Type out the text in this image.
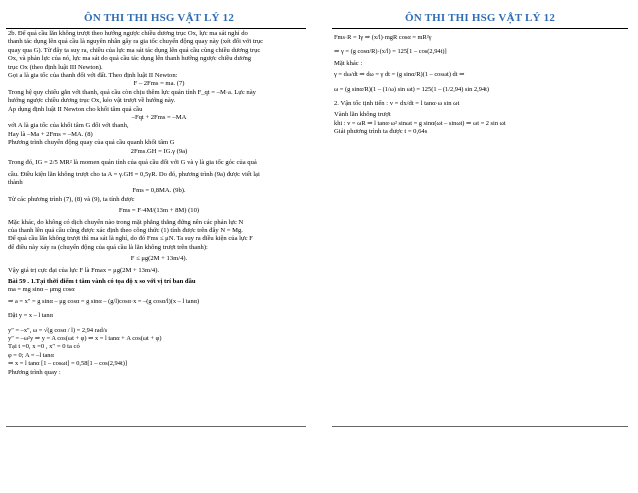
ÔN THI THI HSG VẬT LÝ 12
2b. Để quả cầu lăn không trượt theo hướng ngược chiều dương trục Ox, lực ma sát nghỉ do
thanh tác dụng lên quả cầu là nguyên nhân gây ra gia tốc chuyển động quay này (xét đối với trục
quay qua G). Từ đây ta suy ra, chiều của lực ma sát tác dụng lên quả cầu cùng chiều dương trục
Ox, và phản lực của nó, lực ma sát do quả cầu tác dụng lên thanh hướng ngược chiều dương
trục Ox (theo định luật III Newton).
Gọi a là gia tốc của thanh đối với đất. Theo định luật II Newton:
F – 2Fms = ma. (7)
Trong hệ quy chiếu gắn với thanh, quả cầu còn chịu thêm lực quán tính F_qt = –M·a. Lực này
hướng ngược chiều dương trục Ox, kéo vật trượt về hướng này.
Áp dụng định luật II Newton cho khối tâm quả cầu
–Fqt + 2Fms = –MA
với A là gia tốc của khối tâm G đối với thanh,
Hay là –Ma + 2Fms = –MA. (8)
Phương trình chuyển động quay của quả cầu quanh khối tâm G
2Fms.GH = IG.γ (9a)
Trong đó, IG = 2/5 MR² là momen quán tính của quả cầu đối với G và γ là gia tốc góc của quả
cầu. Điều kiện lăn không trượt cho ta A = γ.GH = 0,5γR. Do đó, phương trình (9a) được viết lại
thành
Fms = 0,8MA. (9b).
Từ các phương trình (7), (8) và (9), ta tính được
Fms = F·4M/(13m + 8M) (10)
Mặc khác, do không có dịch chuyển nào trong mặt phẳng thẳng đứng nên các phản lực N
của thanh lên quả cầu cũng được xác định theo công thức (1) tính được trên đây N = Mg.
Để quả cầu lăn không trượt thì ma sát là nghỉ, do đó Fms ≤ μN. Ta suy ra điều kiện của lực F
để điều này xảy ra (chuyển động của quả cầu là lăn không trượt trên thanh):
F ≤ μg(2M + 13m/4).
Vậy giá trị cực đại của lực F là Fmax = μg(2M + 13m/4).
Bài 59 . 1.Tại thời điểm t tâm vành có tọa độ x so với vị trí ban đầu
ma = mg sinα – μmg cosα
⇒ a = x″ = g sinα – μg cosα = g sinα – (g/l)cosα·x = –(g cosα/l)(x – l tanα)
Đặt y = x – l tanα
y″ = –x″, ω = √(g cosα / l) = 2,94 rad/s
y″ = –ω²y ⇒ y = A cos(ωt + φ) ⇒ x = l tanα + A cos(ωt + φ)
Tại t =0, x =0 , x″ = 0 ta có
φ = 0; A = –l tanα
⇒ x = l tanα [1 – cosωt] = 0,58[1 – cos(2,94t)]
Phương trình quay :
ÔN THI THI HSG VẬT LÝ 12
Fms·R = Iγ ⇒ (x/l)·mgR cosα = mR²γ
⇒ γ = (g cosα/R)·(x/l) = 125[1 – cos(2,94t)]
Mặt khác :
γ = dω/dt ⇒ dω = γ dt = (g sinα/R)(1 – cosωt) dt ⇒
ω = (g sinα/R)(1 – (1/ω) sin ωt) = 125(1 – (1/2,94) sin 2,94t)
2. Vận tốc tịnh tiến : v = dx/dt = l tanα·ω sin ωt
Vành lăn không trượt
khi : v = ωR ⇒ l tanα·ω² sinωt = g sinα(ωt – sinωt) ⇒ ωt = 2 sin ωt
Giải phương trình ta được t = 0,64s
